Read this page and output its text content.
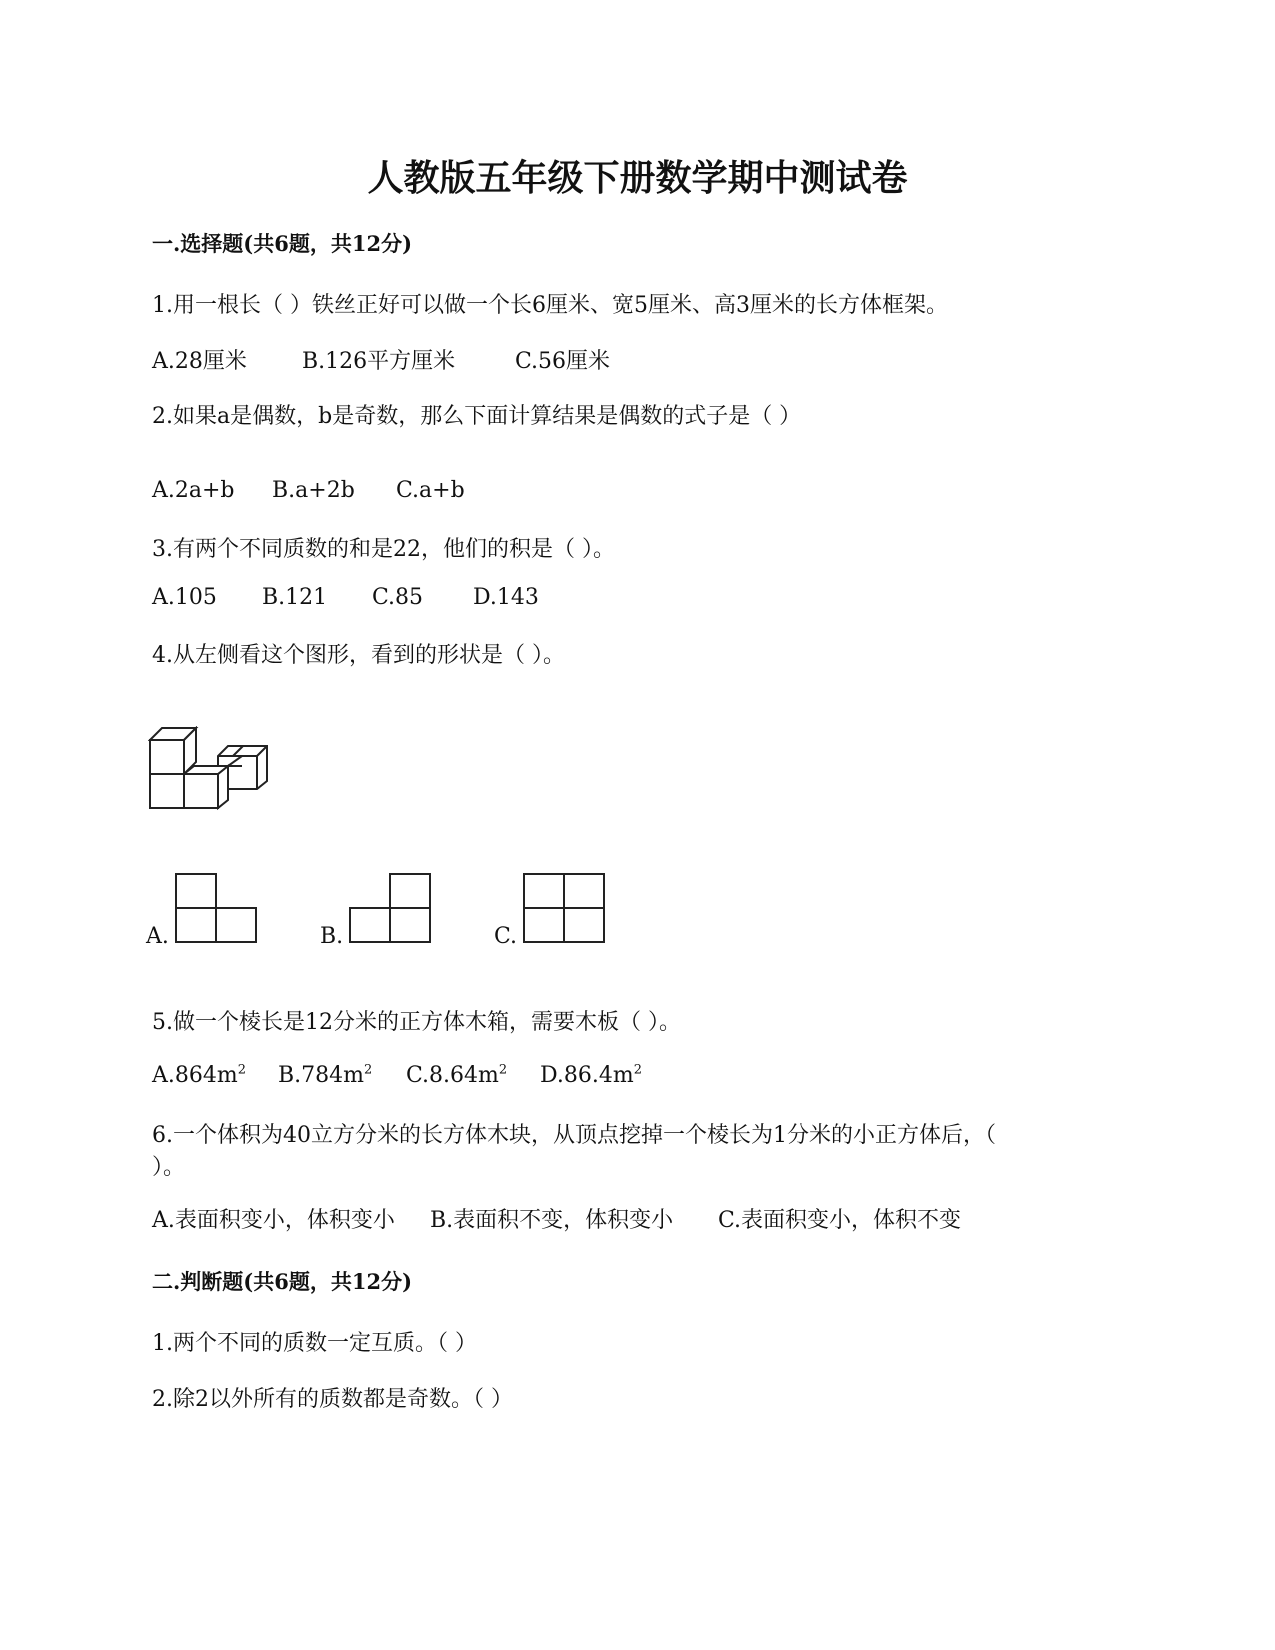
人教版五年级下册数学期中测试卷
一.选择题(共6题，共12分)
1.用一根长（ ）铁丝正好可以做一个长6厘米、宽5厘米、高3厘米的长方体框架。
A.28厘米	B.126平方厘米	C.56厘米
2.如果a是偶数，b是奇数，那么下面计算结果是偶数的式子是（ ）
A.2a+b B.a+2b C.a+b
3.有两个不同质数的和是22，他们的积是（ ）。
A.105 B.121 C.85 D.143
4.从左侧看这个图形，看到的形状是（ ）。
A.	B.	C.
5.做一个棱长是12分米的正方体木箱，需要木板（ ）。
$A.864m^2$ $B.784m^2$ $C.8.64m^2$ $D.86.4m^2$
6.一个体积为40立方分米的长方体木块，从顶点挖掉一个棱长为1分米的小正方体后，（
）。
A.表面积变小，体积变小 B.表面积不变，体积变小 C.表面积变小，体积不变
二.判断题(共6题，共12分)
1.两个不同的质数一定互质。（ ）
2.除2以外所有的质数都是奇数。（ ）
